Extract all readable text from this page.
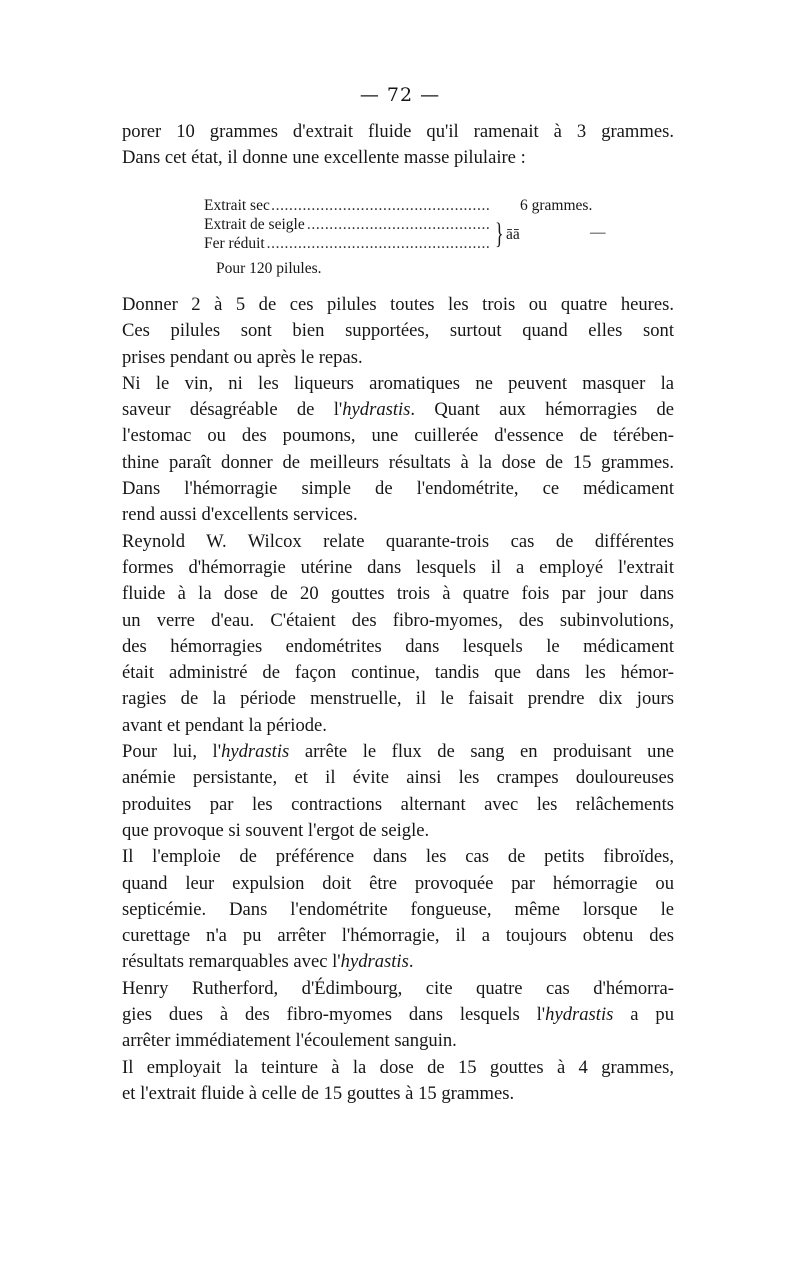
— 72 —
porer 10 grammes d'extrait fluide qu'il ramenait à 3 grammes.
Dans cet état, il donne une excellente masse pilulaire :
.....
Extrait sec	6 grammes.
.....
Extrait de seigle
.....
Fer réduit	} āā	—
Pour 120 pilules.
Donner 2 à 5 de ces pilules toutes les trois ou quatre heures.
Ces pilules sont bien supportées, surtout quand elles sont
prises pendant ou après le repas.
Ni le vin, ni les liqueurs aromatiques ne peuvent masquer la
saveur désagréable de l'hydrastis. Quant aux hémorragies de
l'estomac ou des poumons, une cuillerée d'essence de térében-
thine paraît donner de meilleurs résultats à la dose de 15 grammes.
Dans l'hémorragie simple de l'endométrite, ce médicament
rend aussi d'excellents services.
Reynold W. Wilcox relate quarante-trois cas de différentes
formes d'hémorragie utérine dans lesquels il a employé l'extrait
fluide à la dose de 20 gouttes trois à quatre fois par jour dans
un verre d'eau. C'étaient des fibro-myomes, des subinvolutions,
des hémorragies endométrites dans lesquels le médicament
était administré de façon continue, tandis que dans les hémor-
ragies de la période menstruelle, il le faisait prendre dix jours
avant et pendant la période.
Pour lui, l'hydrastis arrête le flux de sang en produisant une
anémie persistante, et il évite ainsi les crampes douloureuses
produites par les contractions alternant avec les relâchements
que provoque si souvent l'ergot de seigle.
Il l'emploie de préférence dans les cas de petits fibroïdes,
quand leur expulsion doit être provoquée par hémorragie ou
septicémie. Dans l'endométrite fongueuse, même lorsque le
curettage n'a pu arrêter l'hémorragie, il a toujours obtenu des
résultats remarquables avec l'hydrastis.
Henry Rutherford, d'Édimbourg, cite quatre cas d'hémorra-
gies dues à des fibro-myomes dans lesquels l'hydrastis a pu
arrêter immédiatement l'écoulement sanguin.
Il employait la teinture à la dose de 15 gouttes à 4 grammes,
et l'extrait fluide à celle de 15 gouttes à 15 grammes.
